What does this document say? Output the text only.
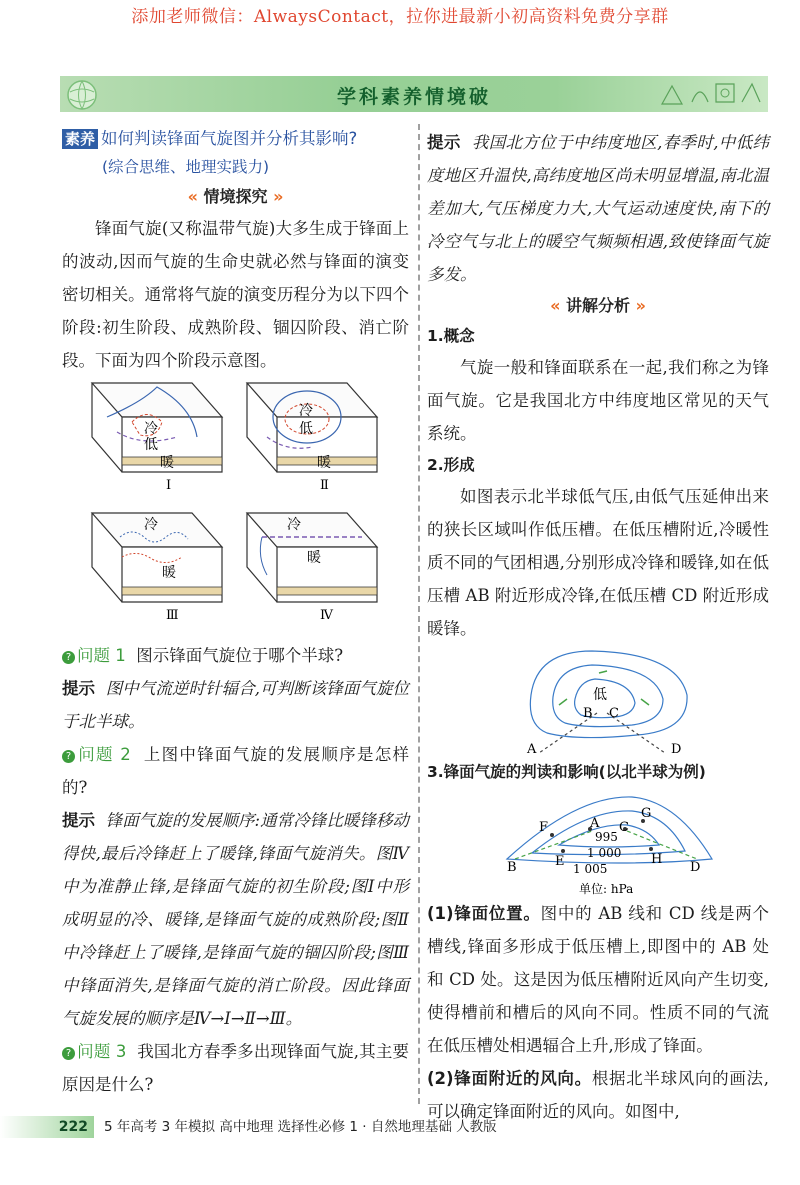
添加老师微信：AlwaysContact，拉你进最新小初高资料免费分享群
学科素养情境破
素养 如何判读锋面气旋图并分析其影响?
(综合思维、地理实践力)
« 情境探究 »

锋面气旋(又称温带气旋)大多生成于锋面上的波动,因而气旋的生命史就必然与锋面的演变密切相关。通常将气旋的演变历程分为以下四个阶段:初生阶段、成熟阶段、锢囚阶段、消亡阶段。下面为四个阶段示意图。

冷
低
暖
冷
低
暖
冷
暖
冷
暖
Ⅰ	Ⅱ
Ⅲ	Ⅳ

? 问题 1 图示锋面气旋位于哪个半球?

提示 图中气流逆时针辐合,可判断该锋面气旋位于北半球。

? 问题 2 上图中锋面气旋的发展顺序是怎样的?

提示 锋面气旋的发展顺序:通常冷锋比暖锋移动得快,最后冷锋赶上了暖锋,锋面气旋消失。图Ⅳ中为准静止锋,是锋面气旋的初生阶段;图Ⅰ中形成明显的冷、暖锋,是锋面气旋的成熟阶段;图Ⅱ中冷锋赶上了暖锋,是锋面气旋的锢囚阶段;图Ⅲ中锋面消失,是锋面气旋的消亡阶段。因此锋面气旋发展的顺序是Ⅳ→Ⅰ→Ⅱ→Ⅲ。

? 问题 3 我国北方春季多出现锋面气旋,其主要原因是什么?

提示 我国北方位于中纬度地区,春季时,中低纬度地区升温快,高纬度地区尚未明显增温,南北温差加大,气压梯度力大,大气运动速度快,南下的冷空气与北上的暖空气频频相遇,致使锋面气旋多发。

« 讲解分析 »
1.概念

气旋一般和锋面联系在一起,我们称之为锋面气旋。它是我国北方中纬度地区常见的天气系统。

2.形成

如图表示北半球低气压,由低气压延伸出来的狭长区域叫作低压槽。在低压槽附近,冷暖性质不同的气团相遇,分别形成冷锋和暖锋,如在低压槽 AB 附近形成冷锋,在低压槽 CD 附近形成暖锋。

低
A
B C
D
3.锋面气旋的判读和影响(以北半球为例)
A
B
C
D
E
F
G
H
995
1 000
1 005
单位: hPa

(1)锋面位置。图中的 AB 线和 CD 线是两个槽线,锋面多形成于低压槽上,即图中的 AB 处和 CD 处。这是因为低压槽附近风向产生切变,使得槽前和槽后的风向不同。性质不同的气流在低压槽处相遇辐合上升,形成了锋面。

(2)锋面附近的风向。根据北半球风向的画法,可以确定锋面附近的风向。如图中,

222	5 年高考 3 年模拟 高中地理 选择性必修 1 · 自然地理基础 人教版
